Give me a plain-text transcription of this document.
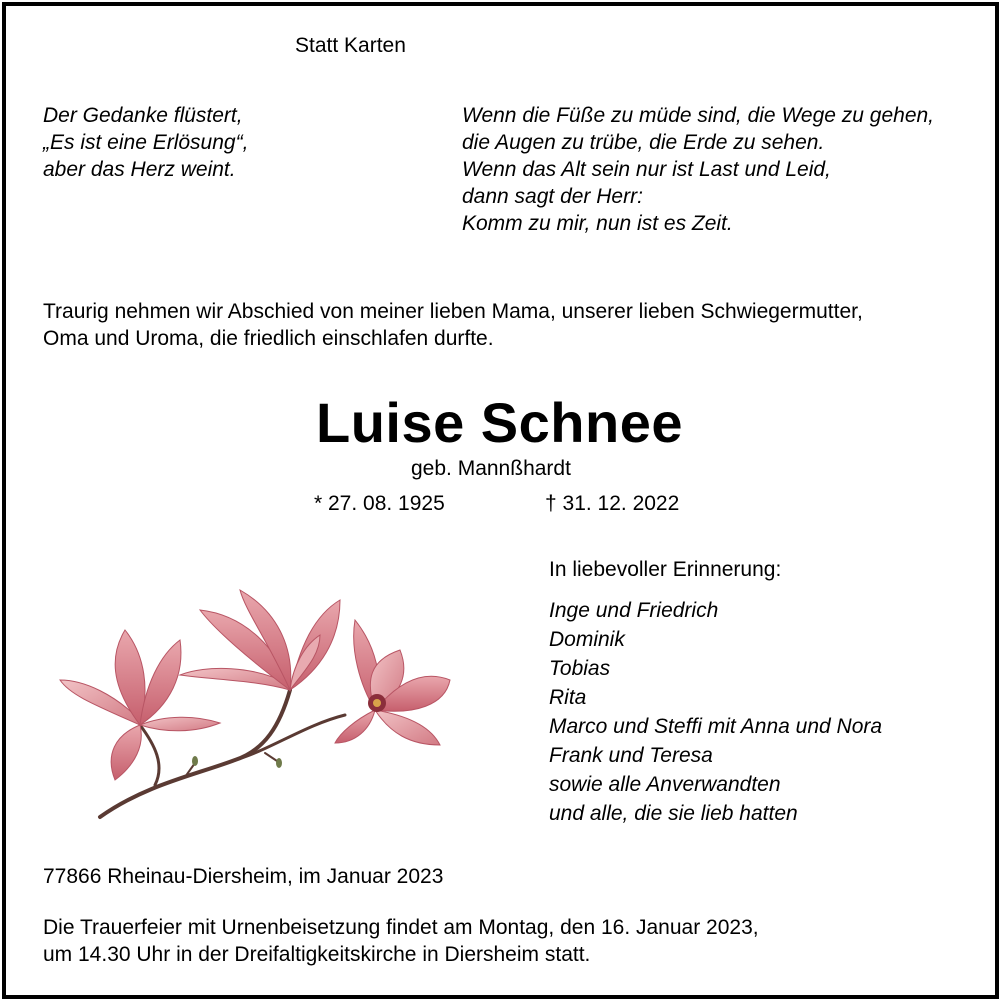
Statt Karten
Der Gedanke flüstert,
„Es ist eine Erlösung“,
aber das Herz weint.
Wenn die Füße zu müde sind, die Wege zu gehen,
die Augen zu trübe, die Erde zu sehen.
Wenn das Alt sein nur ist Last und Leid,
dann sagt der Herr:
Komm zu mir, nun ist es Zeit.
Traurig nehmen wir Abschied von meiner lieben Mama, unserer lieben Schwiegermutter,
Oma und Uroma, die friedlich einschlafen durfte.
Luise Schnee
geb. Mannßhardt
* 27. 08. 1925	† 31. 12. 2022
In liebevoller Erinnerung:
Inge und Friedrich
Dominik
Tobias
Rita
Marco und Steffi mit Anna und Nora
Frank und Teresa
sowie alle Anverwandten
und alle, die sie lieb hatten
77866 Rheinau-Diersheim, im Januar 2023
Die Trauerfeier mit Urnenbeisetzung findet am Montag, den 16. Januar 2023,
um 14.30 Uhr in der Dreifaltigkeitskirche in Diersheim statt.
